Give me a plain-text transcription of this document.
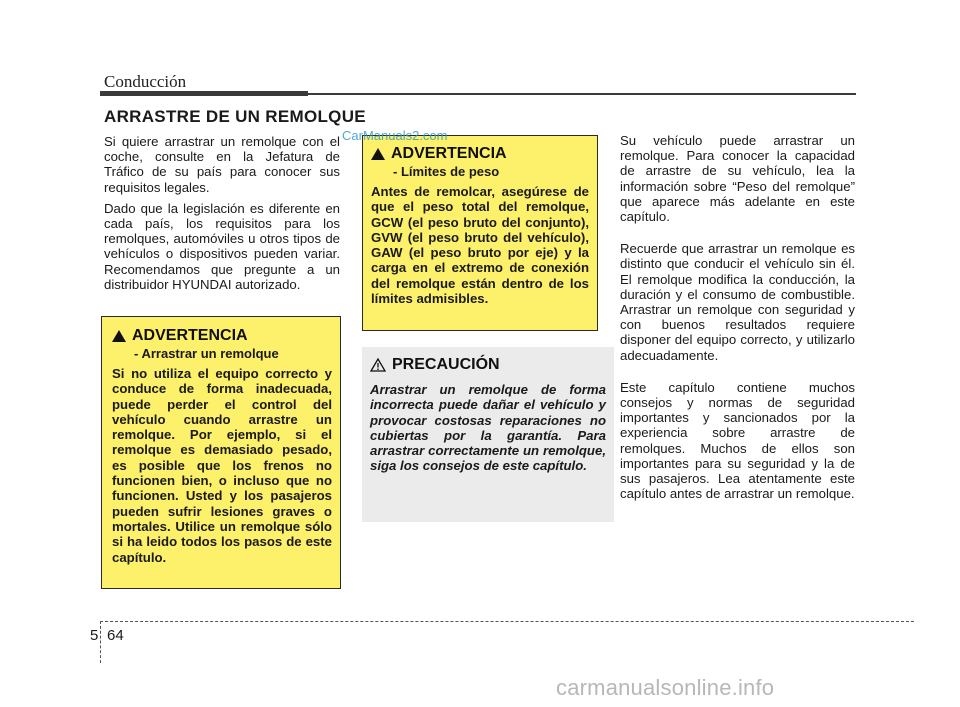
Conducción
ARRASTRE DE UN REMOLQUE

Si quiere arrastrar un remolque con el coche, consulte en la Jefatura de Tráfico de su país para conocer sus requisitos legales.

Dado que la legislación es diferente en cada país, los requisitos para los remolques, automóviles u otros tipos de vehículos o dispositivos pueden variar. Recomendamos que pregunte a un distribuidor HYUNDAI autorizado.

ADVERTENCIA
- Arrastrar un remolque
Si no utiliza el equipo correcto y conduce de forma inadecuada, puede perder el control del vehículo cuando arrastre un remolque. Por ejemplo, si el remolque es demasiado pesado, es posible que los frenos no funcionen bien, o incluso que no funcionen. Usted y los pasajeros pueden sufrir lesiones graves o mortales. Utilice un remolque sólo si ha leido todos los pasos de este capítulo.
ADVERTENCIA
- Límites de peso
Antes de remolcar, asegúrese de que el peso total del remolque, GCW (el peso bruto del conjunto), GVW (el peso bruto del vehículo), GAW (el peso bruto por eje) y la carga en el extremo de conexión del remolque están dentro de los límites admisibles.
PRECAUCIÓN
Arrastrar un remolque de forma incorrecta puede dañar el vehículo y provocar costosas reparaciones no cubiertas por la garantía. Para arrastrar correctamente un remolque, siga los consejos de este capítulo.

Su vehículo puede arrastrar un remolque. Para conocer la capacidad de arrastre de su vehículo, lea la información sobre “Peso del remolque” que aparece más adelante en este capítulo.

Recuerde que arrastrar un remolque es distinto que conducir el vehículo sin él. El remolque modifica la conducción, la duración y el consumo de combustible. Arrastrar un remolque con seguridad y con buenos resultados requiere disponer del equipo correcto, y utilizarlo adecuadamente.

Este capítulo contiene muchos consejos y normas de seguridad importantes y sancionados por la experiencia sobre arrastre de remolques. Muchos de ellos son importantes para su seguridad y la de sus pasajeros. Lea atentamente este capítulo antes de arrastrar un remolque.

CarManuals2.com
5 64
carmanualsonline.info
